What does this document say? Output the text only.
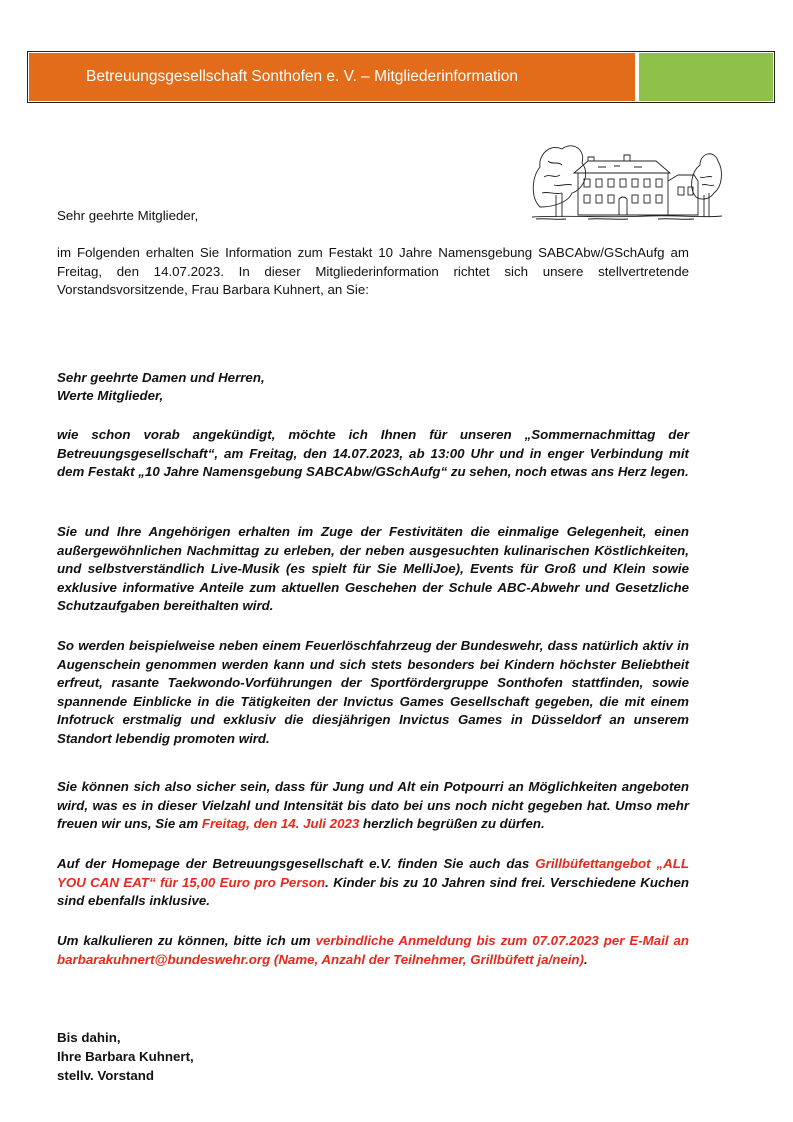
Betreuungsgesellschaft Sonthofen e. V. – Mitgliederinformation
Sehr geehrte Mitglieder,
im Folgenden erhalten Sie Information zum Festakt 10 Jahre Namensgebung SABCAbw/GSchAufg am Freitag, den 14.07.2023. In dieser Mitgliederinformation richtet sich unsere stellvertretende Vorstandsvorsitzende, Frau Barbara Kuhnert, an Sie:
Sehr geehrte Damen und Herren,
Werte Mitglieder,
wie schon vorab angekündigt, möchte ich Ihnen für unseren „Sommernachmittag der Betreuungsgesellschaft“, am Freitag, den 14.07.2023, ab 13:00 Uhr und in enger Verbindung mit dem Festakt „10 Jahre Namensgebung SABCAbw/GSchAufg“ zu sehen, noch etwas ans Herz legen.
Sie und Ihre Angehörigen erhalten im Zuge der Festivitäten die einmalige Gelegenheit, einen außergewöhnlichen Nachmittag zu erleben, der neben ausgesuchten kulinarischen Köstlichkeiten, und selbstverständlich Live-Musik (es spielt für Sie MelliJoe), Events für Groß und Klein sowie exklusive informative Anteile zum aktuellen Geschehen der Schule ABC-Abwehr und Gesetzliche Schutzaufgaben bereithalten wird.
So werden beispielweise neben einem Feuerlöschfahrzeug der Bundeswehr, dass natürlich aktiv in Augenschein genommen werden kann und sich stets besonders bei Kindern höchster Beliebtheit erfreut, rasante Taekwondo-Vorführungen der Sportfördergruppe Sonthofen stattfinden, sowie spannende Einblicke in die Tätigkeiten der Invictus Games Gesellschaft gegeben, die mit einem Infotruck erstmalig und exklusiv die diesjährigen Invictus Games in Düsseldorf an unserem Standort lebendig promoten wird.
Sie können sich also sicher sein, dass für Jung und Alt ein Potpourri an Möglichkeiten angeboten wird, was es in dieser Vielzahl und Intensität bis dato bei uns noch nicht gegeben hat. Umso mehr freuen wir uns, Sie am Freitag, den 14. Juli 2023 herzlich begrüßen zu dürfen.
Auf der Homepage der Betreuungsgesellschaft e.V. finden Sie auch das Grillbüfettangebot „ALL YOU CAN EAT“ für 15,00 Euro pro Person. Kinder bis zu 10 Jahren sind frei. Verschiedene Kuchen sind ebenfalls inklusive.
Um kalkulieren zu können, bitte ich um verbindliche Anmeldung bis zum 07.07.2023 per E-Mail an barbarakuhnert@bundeswehr.org (Name, Anzahl der Teilnehmer, Grillbüfett ja/nein).
Bis dahin,
Ihre Barbara Kuhnert,
stellv. Vorstand
